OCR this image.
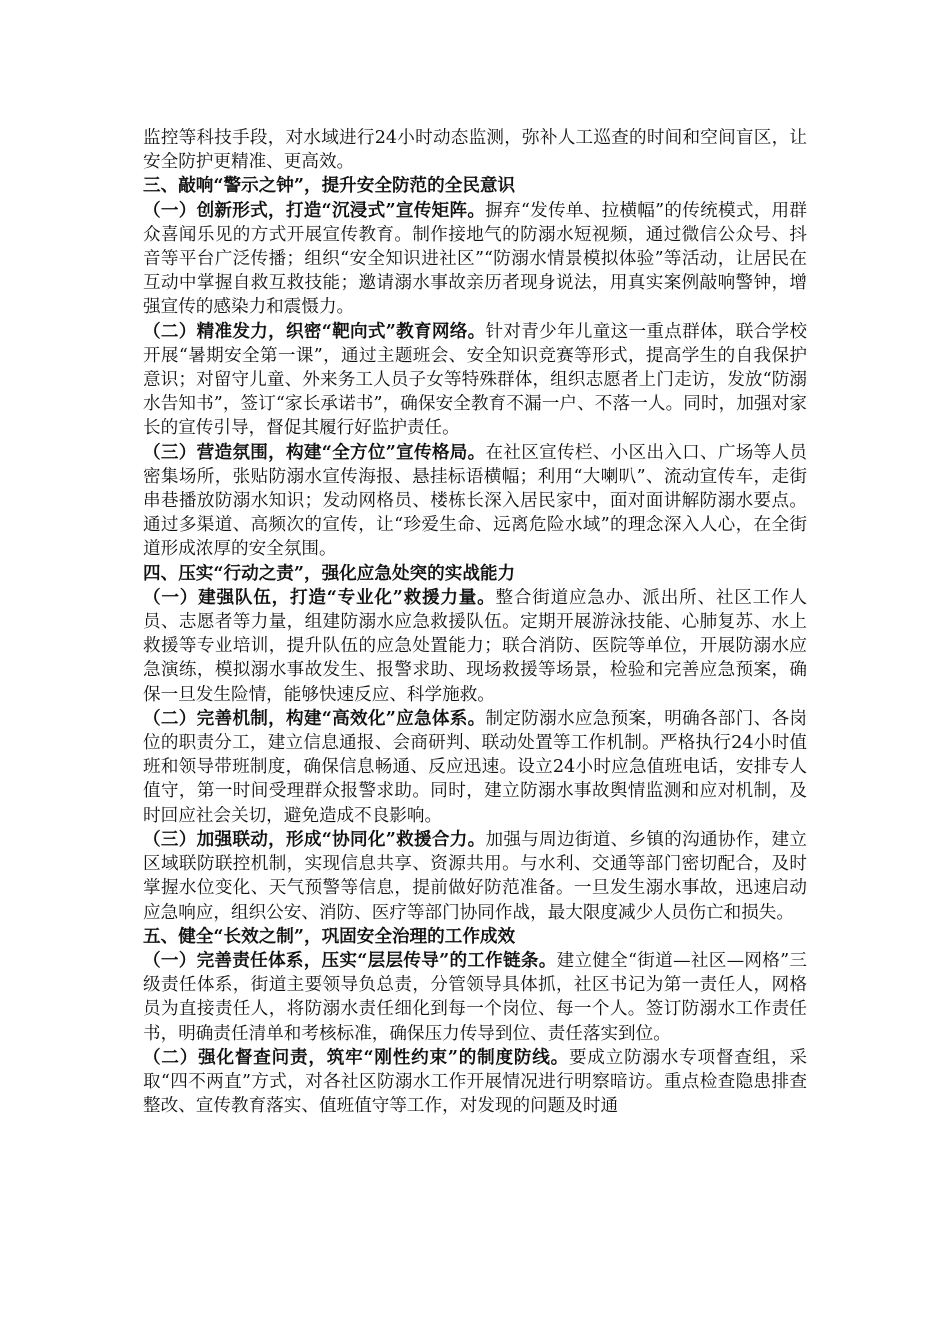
监控等科技手段，对水域进行24小时动态监测，弥补人工巡查的时间和空间盲区，让安全防护更精准、更高效。

三、敲响“警示之钟”，提升安全防范的全民意识

（一）创新形式，打造“沉浸式”宣传矩阵。摒弃“发传单、拉横幅”的传统模式，用群众喜闻乐见的方式开展宣传教育。制作接地气的防溺水短视频，通过微信公众号、抖音等平台广泛传播；组织“安全知识进社区”“防溺水情景模拟体验”等活动，让居民在互动中掌握自救互救技能；邀请溺水事故亲历者现身说法，用真实案例敲响警钟，增强宣传的感染力和震慑力。

（二）精准发力，织密“靶向式”教育网络。针对青少年儿童这一重点群体，联合学校开展“暑期安全第一课”，通过主题班会、安全知识竞赛等形式，提高学生的自我保护意识；对留守儿童、外来务工人员子女等特殊群体，组织志愿者上门走访，发放“防溺水告知书”，签订“家长承诺书”，确保安全教育不漏一户、不落一人。同时，加强对家长的宣传引导，督促其履行好监护责任。

（三）营造氛围，构建“全方位”宣传格局。在社区宣传栏、小区出入口、广场等人员密集场所，张贴防溺水宣传海报、悬挂标语横幅；利用“大喇叭”、流动宣传车，走街串巷播放防溺水知识；发动网格员、楼栋长深入居民家中，面对面讲解防溺水要点。通过多渠道、高频次的宣传，让“珍爱生命、远离危险水域”的理念深入人心，在全街道形成浓厚的安全氛围。

四、压实“行动之责”，强化应急处突的实战能力

（一）建强队伍，打造“专业化”救援力量。整合街道应急办、派出所、社区工作人员、志愿者等力量，组建防溺水应急救援队伍。定期开展游泳技能、心肺复苏、水上救援等专业培训，提升队伍的应急处置能力；联合消防、医院等单位，开展防溺水应急演练，模拟溺水事故发生、报警求助、现场救援等场景，检验和完善应急预案，确保一旦发生险情，能够快速反应、科学施救。

（二）完善机制，构建“高效化”应急体系。制定防溺水应急预案，明确各部门、各岗位的职责分工，建立信息通报、会商研判、联动处置等工作机制。严格执行24小时值班和领导带班制度，确保信息畅通、反应迅速。设立24小时应急值班电话，安排专人值守，第一时间受理群众报警求助。同时，建立防溺水事故舆情监测和应对机制，及时回应社会关切，避免造成不良影响。

（三）加强联动，形成“协同化”救援合力。加强与周边街道、乡镇的沟通协作，建立区域联防联控机制，实现信息共享、资源共用。与水利、交通等部门密切配合，及时掌握水位变化、天气预警等信息，提前做好防范准备。一旦发生溺水事故，迅速启动应急响应，组织公安、消防、医疗等部门协同作战，最大限度减少人员伤亡和损失。

五、健全“长效之制”，巩固安全治理的工作成效

（一）完善责任体系，压实“层层传导”的工作链条。建立健全“街道—社区—网格”三级责任体系，街道主要领导负总责，分管领导具体抓，社区书记为第一责任人，网格员为直接责任人，将防溺水责任细化到每一个岗位、每一个人。签订防溺水工作责任书，明确责任清单和考核标准，确保压力传导到位、责任落实到位。

（二）强化督查问责，筑牢“刚性约束”的制度防线。要成立防溺水专项督查组，采取“四不两直”方式，对各社区防溺水工作开展情况进行明察暗访。重点检查隐患排查整改、宣传教育落实、值班值守等工作，对发现的问题及时通
